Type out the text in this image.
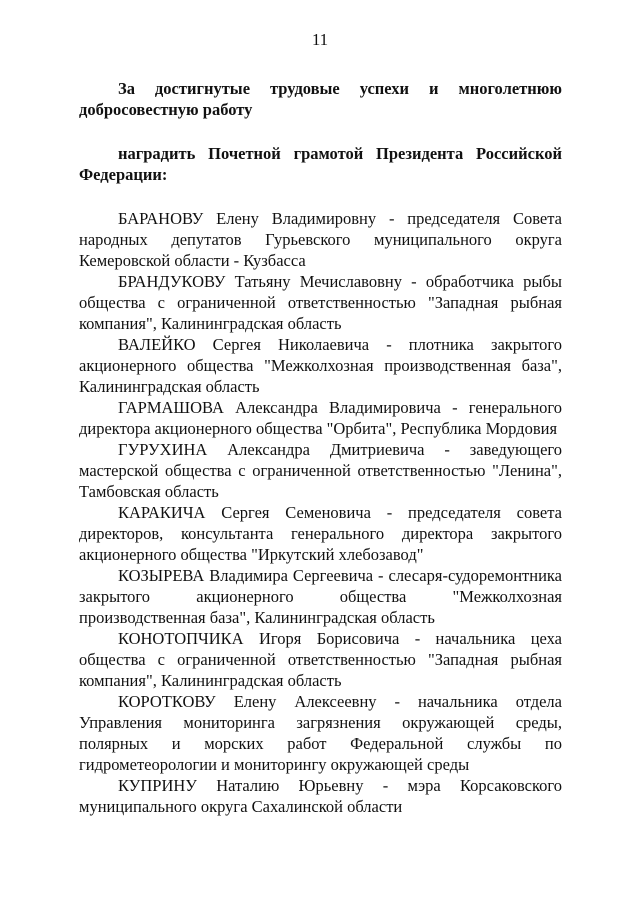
11

За достигнутые трудовые успехи и многолетнюю добросовестную работу

наградить Почетной грамотой Президента Российской Федерации:

БАРАНОВУ Елену Владимировну - председателя Совета народных депутатов Гурьевского муниципального округа Кемеровской области - Кузбасса
БРАНДУКОВУ Татьяну Мечиславовну - обработчика рыбы общества с ограниченной ответственностью "Западная рыбная компания", Калининградская область
ВАЛЕЙКО Сергея Николаевича - плотника закрытого акционерного общества "Межколхозная производственная база", Калининградская область
ГАРМАШОВА Александра Владимировича - генерального директора акционерного общества "Орбита", Республика Мордовия
ГУРУХИНА Александра Дмитриевича - заведующего мастерской общества с ограниченной ответственностью "Ленина", Тамбовская область
КАРАКИЧА Сергея Семеновича - председателя совета директоров, консультанта генерального директора закрытого акционерного общества "Иркутский хлебозавод"
КОЗЫРЕВА Владимира Сергеевича - слесаря-судоремонтника закрытого акционерного общества "Межколхозная производственная база", Калининградская область
КОНОТОПЧИКА Игоря Борисовича - начальника цеха общества с ограниченной ответственностью "Западная рыбная компания", Калининградская область
КОРОТКОВУ Елену Алексеевну - начальника отдела Управления мониторинга загрязнения окружающей среды, полярных и морских работ Федеральной службы по гидрометеорологии и мониторингу окружающей среды
КУПРИНУ Наталию Юрьевну - мэра Корсаковского муниципального округа Сахалинской области
